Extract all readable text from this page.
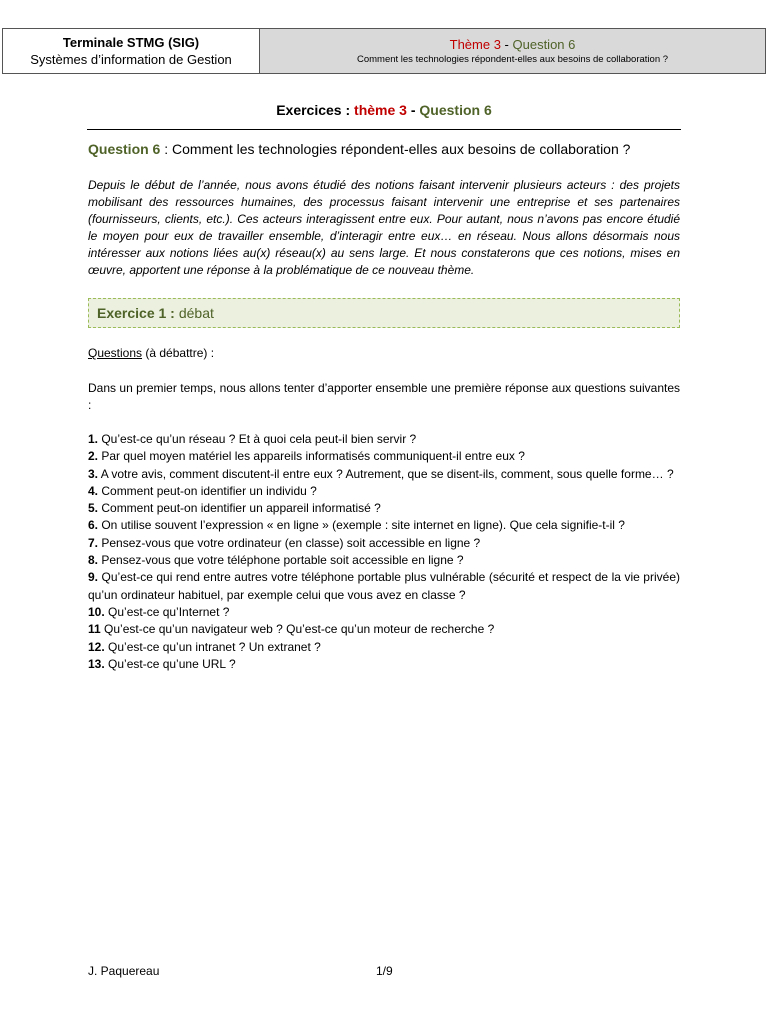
Terminale STMG (SIG)
Systèmes d’information de Gestion
Thème 3 - Question 6
Comment les technologies répondent-elles aux besoins de collaboration ?
Exercices : thème 3 - Question 6
Question 6 : Comment les technologies répondent-elles aux besoins de collaboration ?
Depuis le début de l’année, nous avons étudié des notions faisant intervenir plusieurs acteurs : des projets mobilisant des ressources humaines, des processus faisant intervenir une entreprise et ses partenaires (fournisseurs, clients, etc.). Ces acteurs interagissent entre eux. Pour autant, nous n’avons pas encore étudié le moyen pour eux de travailler ensemble, d’interagir entre eux… en réseau. Nous allons désormais nous intéresser aux notions liées au(x) réseau(x) au sens large. Et nous constaterons que ces notions, mises en œuvre, apportent une réponse à la problématique de ce nouveau thème.
Exercice 1 : débat
Questions (à débattre) :
Dans un premier temps, nous allons tenter d’apporter ensemble une première réponse aux questions suivantes :
1. Qu’est-ce qu’un réseau ? Et à quoi cela peut-il bien servir ?
2. Par quel moyen matériel les appareils informatisés communiquent-il entre eux ?
3. A votre avis, comment discutent-il entre eux ? Autrement, que se disent-ils, comment, sous quelle forme… ?
4. Comment peut-on identifier un individu ?
5. Comment peut-on identifier un appareil informatisé ?
6. On utilise souvent l’expression « en ligne » (exemple : site internet en ligne). Que cela signifie-t-il ?
7. Pensez-vous que votre ordinateur (en classe) soit accessible en ligne ?
8. Pensez-vous que votre téléphone portable soit accessible en ligne ?
9. Qu’est-ce qui rend entre autres votre téléphone portable plus vulnérable (sécurité et respect de la vie privée) qu’un ordinateur habituel, par exemple celui que vous avez en classe ?
10. Qu’est-ce qu’Internet ?
11 Qu’est-ce qu’un navigateur web ? Qu’est-ce qu’un moteur de recherche ?
12. Qu’est-ce qu’un intranet ? Un extranet ?
13. Qu’est-ce qu’une URL ?
J. Paquereau	1/9
